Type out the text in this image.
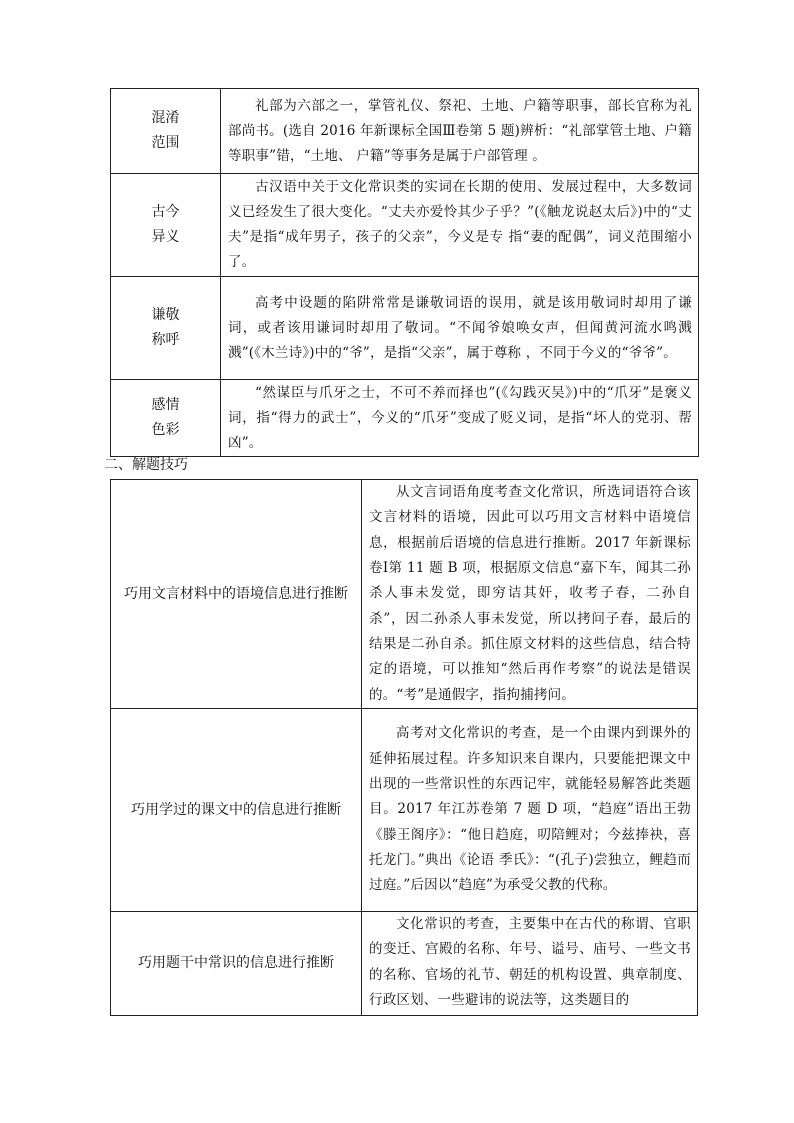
混淆
范围	礼部为六部之一，掌管礼仪、祭祀、土地、户籍等职事，部长官称为礼部尚书。(选自 2016 年新课标全国Ⅲ卷第 5 题)辨析：“礼部掌管土地、户籍等职事”错，“土地、 户籍”等事务是属于户部管理 。

古今
异义	古汉语中关于文化常识类的实词在长期的使用、发展过程中，大多数词义已经发生了很大变化。“丈夫亦爱怜其少子乎？”(《触龙说赵太后》)中的“丈夫”是指“成年男子，孩子的父亲”，今义是专 指“妻的配偶”，词义范围缩小了。

谦敬
称呼	高考中设题的陷阱常常是谦敬词语的误用，就是该用敬词时却用了谦词，或者该用谦词时却用了敬词。“不闻爷娘唤女声，但闻黄河流水鸣溅溅”(《木兰诗》)中的“爷”，是指“父亲”，属于尊称 ，不同于今义的“爷爷”。

感情
色彩	“然谋臣与爪牙之士，不可不养而择也”(《勾践灭吴》)中的“爪牙”是褒义词，指“得力的武士”，今义的“爪牙”变成了贬义词，是指“坏人的党羽、帮凶”。
二、解题技巧
巧用文言材料中的语境信息进行推断	从文言词语角度考查文化常识，所选词语符合该文言材料的语境，因此可以巧用文言材料中语境信息，根据前后语境的信息进行推断。2017 年新课标卷Ⅰ第 11 题 B 项，根据原文信息“嘉下车，闻其二孙杀人事未发觉，即穷诘其奸，收考子春，二孙自杀”，因二孙杀人事未发觉，所以拷问子春，最后的结果是二孙自杀。抓住原文材料的这些信息，结合特定的语境，可以推知“然后再作考察”的说法是错误的。“考”是通假字，指拘捕拷问。
巧用学过的课文中的信息进行推断	高考对文化常识的考查，是一个由课内到课外的延伸拓展过程。许多知识来自课内，只要能把课文中出现的一些常识性的东西记牢，就能轻易解答此类题目。2017 年江苏卷第 7 题 D 项，“趋庭”语出王勃《滕王阁序》：“他日趋庭，叨陪鲤对；今兹捧袂，喜托龙门。”典出《论语 季氏》：“(孔子)尝独立，鲤趋而过庭。”后因以“趋庭”为承受父教的代称。
巧用题干中常识的信息进行推断	文化常识的考查，主要集中在古代的称谓、官职的变迁、宫殿的名称、年号、谥号、庙号、一些文书的名称、官场的礼节、朝廷的机构设置、典章制度、行政区划、一些避讳的说法等，这类题目的
